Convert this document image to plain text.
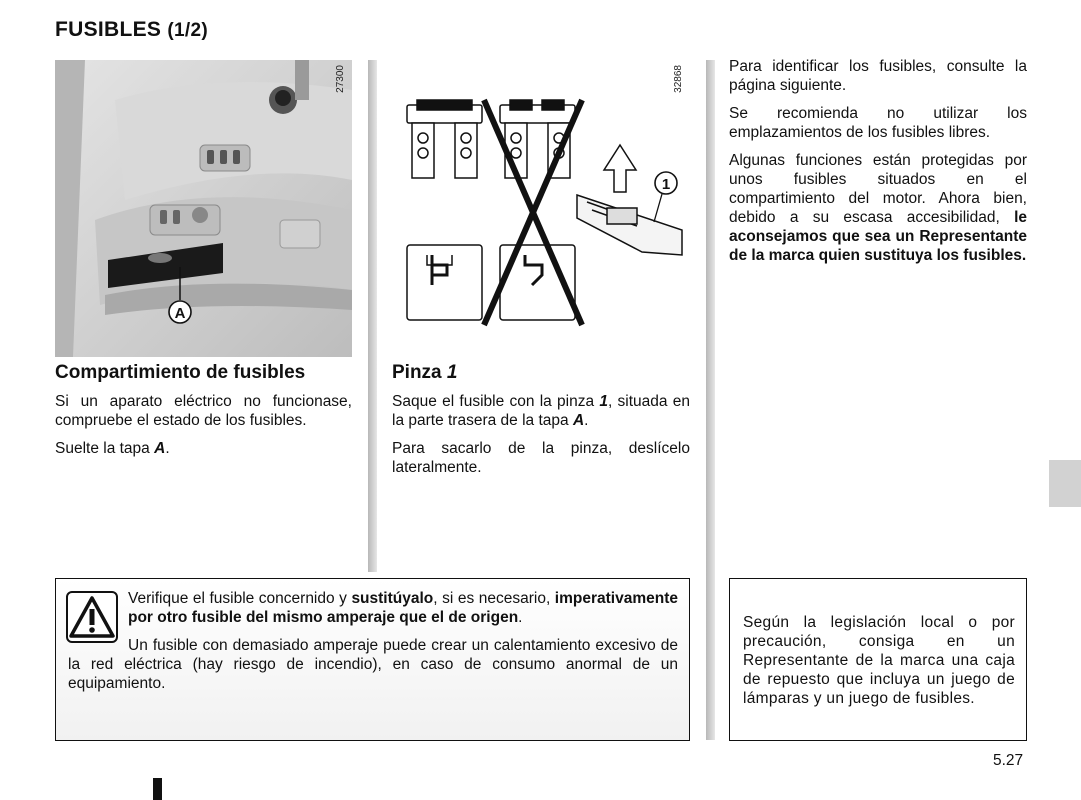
FUSIBLES (1/2)
A
27300
1
32868
Compartimiento de fusibles

Si un aparato eléctrico no funcionase, compruebe el estado de los fusibles.

Suelte la tapa A.

Pinza 1

Saque el fusible con la pinza 1, situada en la parte trasera de la tapa A.

Para sacarlo de la pinza, deslícelo lateralmente.

Para identificar los fusibles, consulte la página siguiente.

Se recomienda no utilizar los emplazamientos de los fusibles libres.

Algunas funciones están protegidas por unos fusibles situados en el compartimiento del motor. Ahora bien, debido a su escasa accesibilidad, le aconsejamos que sea un Representante de la marca quien sustituya los fusibles.

Verifique el fusible concernido y sustitúyalo, si es necesario, imperativamente por otro fusible del mismo amperaje que el de origen.

Un fusible con demasiado amperaje puede crear un calentamiento excesivo de la red eléctrica (hay riesgo de incendio), en caso de consumo anormal de un equipamiento.

Según la legislación local o por precaución, consiga en un Representante de la marca una caja de repuesto que incluya un juego de lámparas y un juego de fusibles.

5.27
